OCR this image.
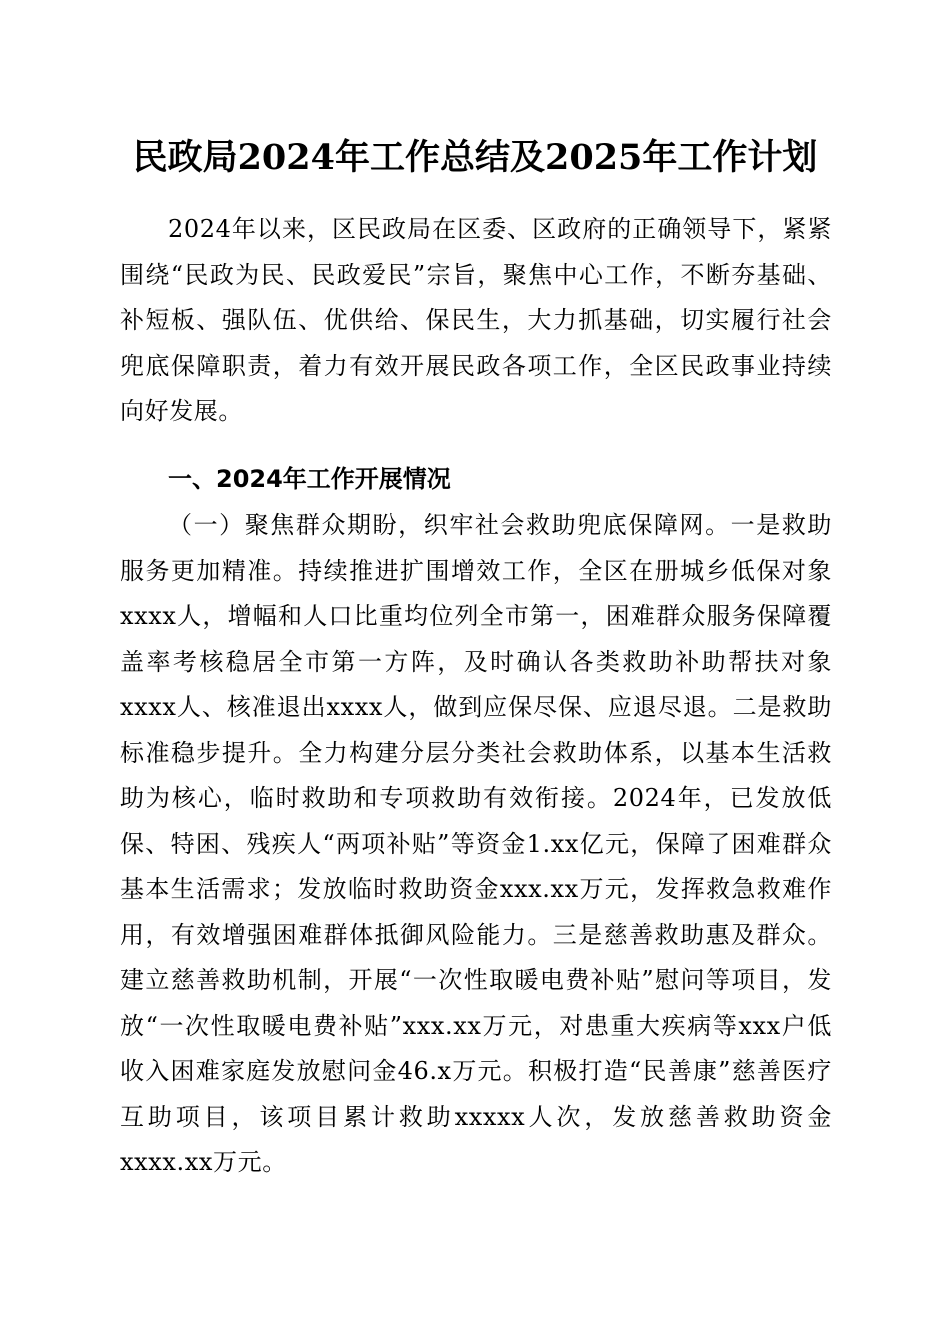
民政局2024年工作总结及2025年工作计划

2024年以来，区民政局在区委、区政府的正确领导下，紧紧围绕“民政为民、民政爱民”宗旨，聚焦中心工作，不断夯基础、补短板、强队伍、优供给、保民生，大力抓基础，切实履行社会兜底保障职责，着力有效开展民政各项工作，全区民政事业持续向好发展。

一、2024年工作开展情况

（一）聚焦群众期盼，织牢社会救助兜底保障网。一是救助服务更加精准。持续推进扩围增效工作，全区在册城乡低保对象xxxx人，增幅和人口比重均位列全市第一，困难群众服务保障覆盖率考核稳居全市第一方阵，及时确认各类救助补助帮扶对象xxxx人、核准退出xxxx人，做到应保尽保、应退尽退。二是救助标准稳步提升。全力构建分层分类社会救助体系，以基本生活救助为核心，临时救助和专项救助有效衔接。2024年，已发放低保、特困、残疾人“两项补贴”等资金1.xx亿元，保障了困难群众基本生活需求；发放临时救助资金xxx.xx万元，发挥救急救难作用，有效增强困难群体抵御风险能力。三是慈善救助惠及群众。建立慈善救助机制，开展“一次性取暖电费补贴”慰问等项目，发放“一次性取暖电费补贴”xxx.xx万元，对患重大疾病等xxx户低收入困难家庭发放慰问金46.x万元。积极打造“民善康”慈善医疗互助项目，该项目累计救助xxxxx人次，发放慈善救助资金xxxx.xx万元。
